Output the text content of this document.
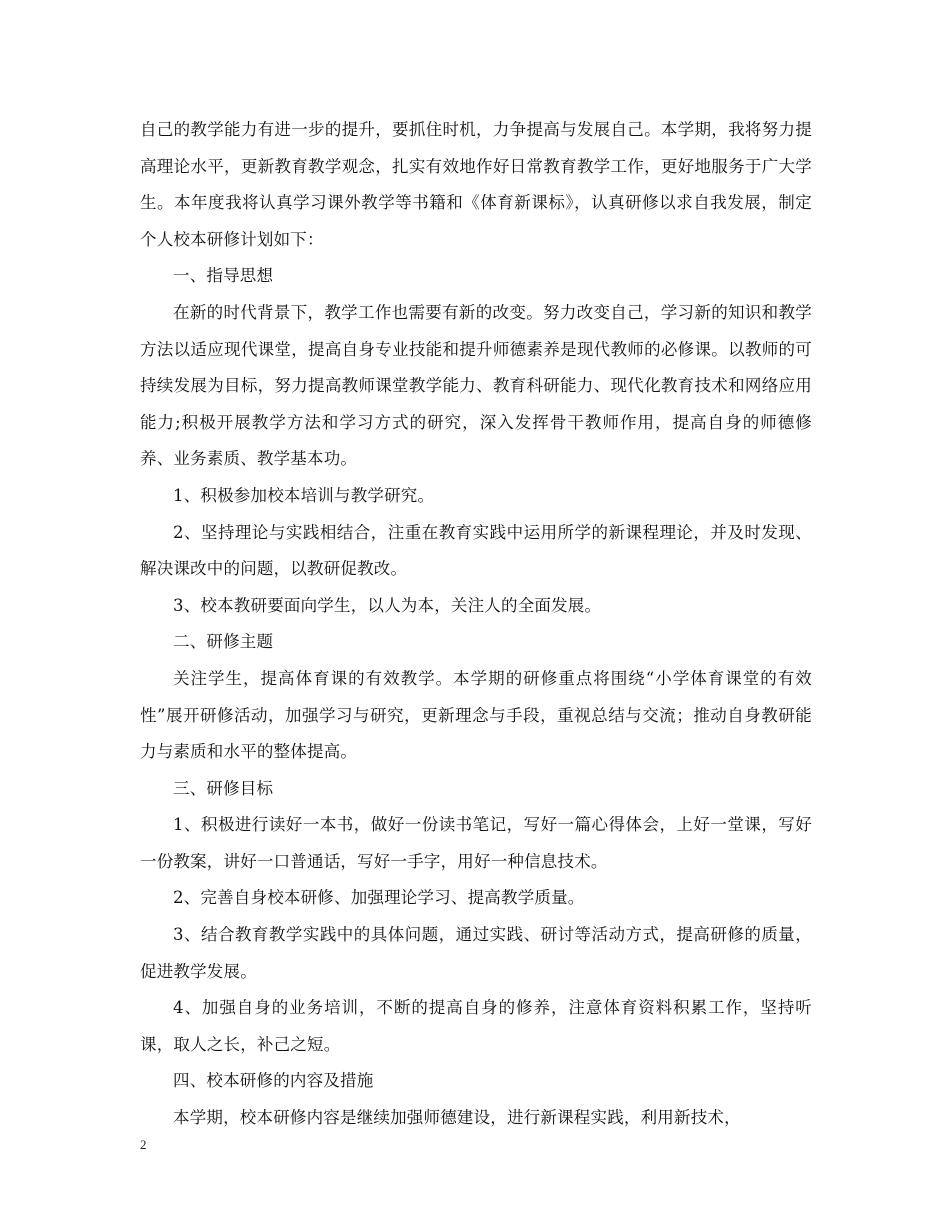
自己的教学能力有进一步的提升，要抓住时机，力争提高与发展自己。本学期，我将努力提高理论水平，更新教育教学观念，扎实有效地作好日常教育教学工作，更好地服务于广大学生。本年度我将认真学习课外教学等书籍和《体育新课标》，认真研修以求自我发展，制定个人校本研修计划如下：

一、指导思想

在新的时代背景下，教学工作也需要有新的改变。努力改变自己，学习新的知识和教学方法以适应现代课堂，提高自身专业技能和提升师德素养是现代教师的必修课。以教师的可持续发展为目标，努力提高教师课堂教学能力、教育科研能力、现代化教育技术和网络应用能力;积极开展教学方法和学习方式的研究，深入发挥骨干教师作用，提高自身的师德修养、业务素质、教学基本功。

1、积极参加校本培训与教学研究。

2、坚持理论与实践相结合，注重在教育实践中运用所学的新课程理论，并及时发现、解决课改中的问题，以教研促教改。

3、校本教研要面向学生，以人为本，关注人的全面发展。

二、研修主题

关注学生，提高体育课的有效教学。本学期的研修重点将围绕“小学体育课堂的有效性”展开研修活动，加强学习与研究，更新理念与手段，重视总结与交流；推动自身教研能力与素质和水平的整体提高。

三、研修目标

1、积极进行读好一本书，做好一份读书笔记，写好一篇心得体会，上好一堂课，写好一份教案，讲好一口普通话，写好一手字，用好一种信息技术。

2、完善自身校本研修、加强理论学习、提高教学质量。

3、结合教育教学实践中的具体问题，通过实践、研讨等活动方式，提高研修的质量，促进教学发展。

4、加强自身的业务培训，不断的提高自身的修养，注意体育资料积累工作，坚持听课，取人之长，补己之短。

四、校本研修的内容及措施

本学期，校本研修内容是继续加强师德建设，进行新课程实践，利用新技术，

2
